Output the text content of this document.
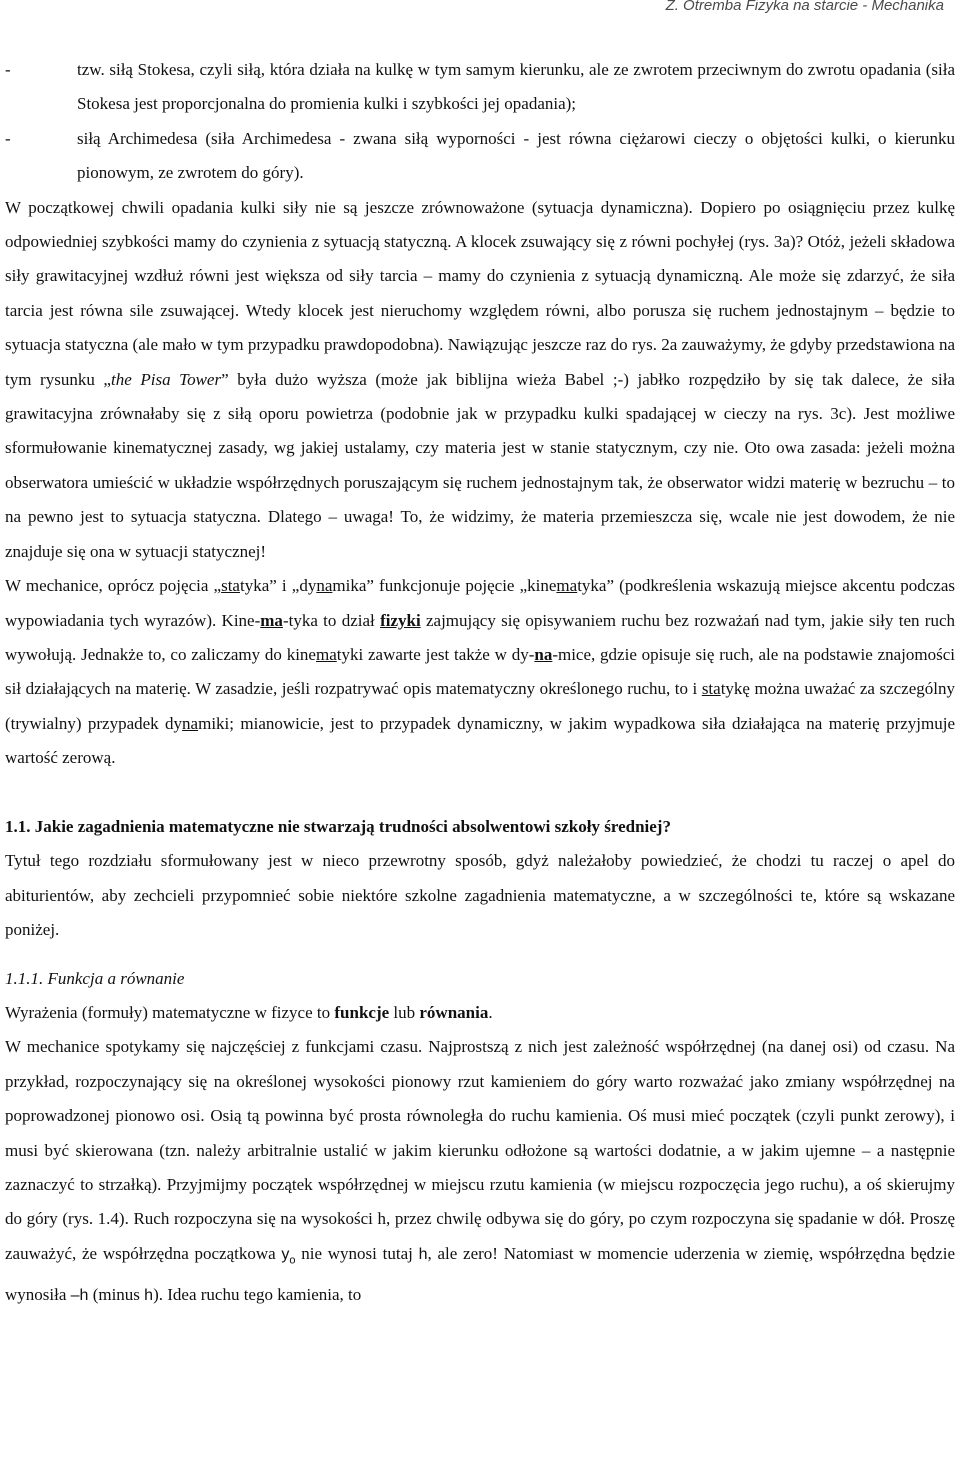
Z. Otremba Fizyka na starcie - Mechanika
-	tzw. siłą Stokesa, czyli siłą, która działa na kulkę w tym samym kierunku, ale ze zwrotem przeciwnym do zwrotu opadania (siła Stokesa jest proporcjonalna do promienia kulki i szybkości jej opadania);
-	siłą Archimedesa (siła Archimedesa - zwana siłą wyporności - jest równa ciężarowi cieczy o objętości kulki, o kierunku pionowym, ze zwrotem do góry).

W początkowej chwili opadania kulki siły nie są jeszcze zrównoważone (sytuacja dynamiczna). Dopiero po osiągnięciu przez kulkę odpowiedniej szybkości mamy do czynienia z sytuacją statyczną. A klocek zsuwający się z równi pochyłej (rys. 3a)? Otóż, jeżeli składowa siły grawitacyjnej wzdłuż równi jest większa od siły tarcia – mamy do czynienia z sytuacją dynamiczną. Ale może się zdarzyć, że siła tarcia jest równa sile zsuwającej. Wtedy klocek jest nieruchomy względem równi, albo porusza się ruchem jednostajnym – będzie to sytuacja statyczna (ale mało w tym przypadku prawdopodobna). Nawiązując jeszcze raz do rys. 2a zauważymy, że gdyby przedstawiona na tym rysunku „the Pisa Tower” była dużo wyższa (może jak biblijna wieża Babel ;-) jabłko rozpędziło by się tak dalece, że siła grawitacyjna zrównałaby się z siłą oporu powietrza (podobnie jak w przypadku kulki spadającej w cieczy na rys. 3c). Jest możliwe sformułowanie kinematycznej zasady, wg jakiej ustalamy, czy materia jest w stanie statycznym, czy nie. Oto owa zasada: jeżeli można obserwatora umieścić w układzie współrzędnych poruszającym się ruchem jednostajnym tak, że obserwator widzi materię w bezruchu – to na pewno jest to sytuacja statyczna. Dlatego – uwaga! To, że widzimy, że materia przemieszcza się, wcale nie jest dowodem, że nie znajduje się ona w sytuacji statycznej!

W mechanice, oprócz pojęcia „statyka” i „dynamika” funkcjonuje pojęcie „kinematyka” (podkreślenia wskazują miejsce akcentu podczas wypowiadania tych wyrazów). Kine-ma-tyka to dział fizyki zajmujący się opisywaniem ruchu bez rozważań nad tym, jakie siły ten ruch wywołują. Jednakże to, co zaliczamy do kinematyki zawarte jest także w dy-na-mice, gdzie opisuje się ruch, ale na podstawie znajomości sił działających na materię. W zasadzie, jeśli rozpatrywać opis matematyczny określonego ruchu, to i statykę można uważać za szczególny (trywialny) przypadek dynamiki; mianowicie, jest to przypadek dynamiczny, w jakim wypadkowa siła działająca na materię przyjmuje wartość zerową.

1.1. Jakie zagadnienia matematyczne nie stwarzają trudności absolwentowi szkoły średniej?

Tytuł tego rozdziału sformułowany jest w nieco przewrotny sposób, gdyż należałoby powiedzieć, że chodzi tu raczej o apel do abiturientów, aby zechcieli przypomnieć sobie niektóre szkolne zagadnienia matematyczne, a w szczególności te, które są wskazane poniżej.

1.1.1. Funkcja a równanie

Wyrażenia (formuły) matematyczne w fizyce to funkcje lub równania.

W mechanice spotykamy się najczęściej z funkcjami czasu. Najprostszą z nich jest zależność współrzędnej (na danej osi) od czasu. Na przykład, rozpoczynający się na określonej wysokości pionowy rzut kamieniem do góry warto rozważać jako zmiany współrzędnej na poprowadzonej pionowo osi. Osią tą powinna być prosta równoległa do ruchu kamienia. Oś musi mieć początek (czyli punkt zerowy), i musi być skierowana (tzn. należy arbitralnie ustalić w jakim kierunku odłożone są wartości dodatnie, a w jakim ujemne – a następnie zaznaczyć to strzałką). Przyjmijmy początek współrzędnej w miejscu rzutu kamienia (w miejscu rozpoczęcia jego ruchu), a oś skierujmy do góry (rys. 1.4). Ruch rozpoczyna się na wysokości h, przez chwilę odbywa się do góry, po czym rozpoczyna się spadanie w dół. Proszę zauważyć, że współrzędna początkowa $y_o$ nie wynosi tutaj h, ale zero! Natomiast w momencie uderzenia w ziemię, współrzędna będzie wynosiła –h (minus h). Idea ruchu tego kamienia, to
